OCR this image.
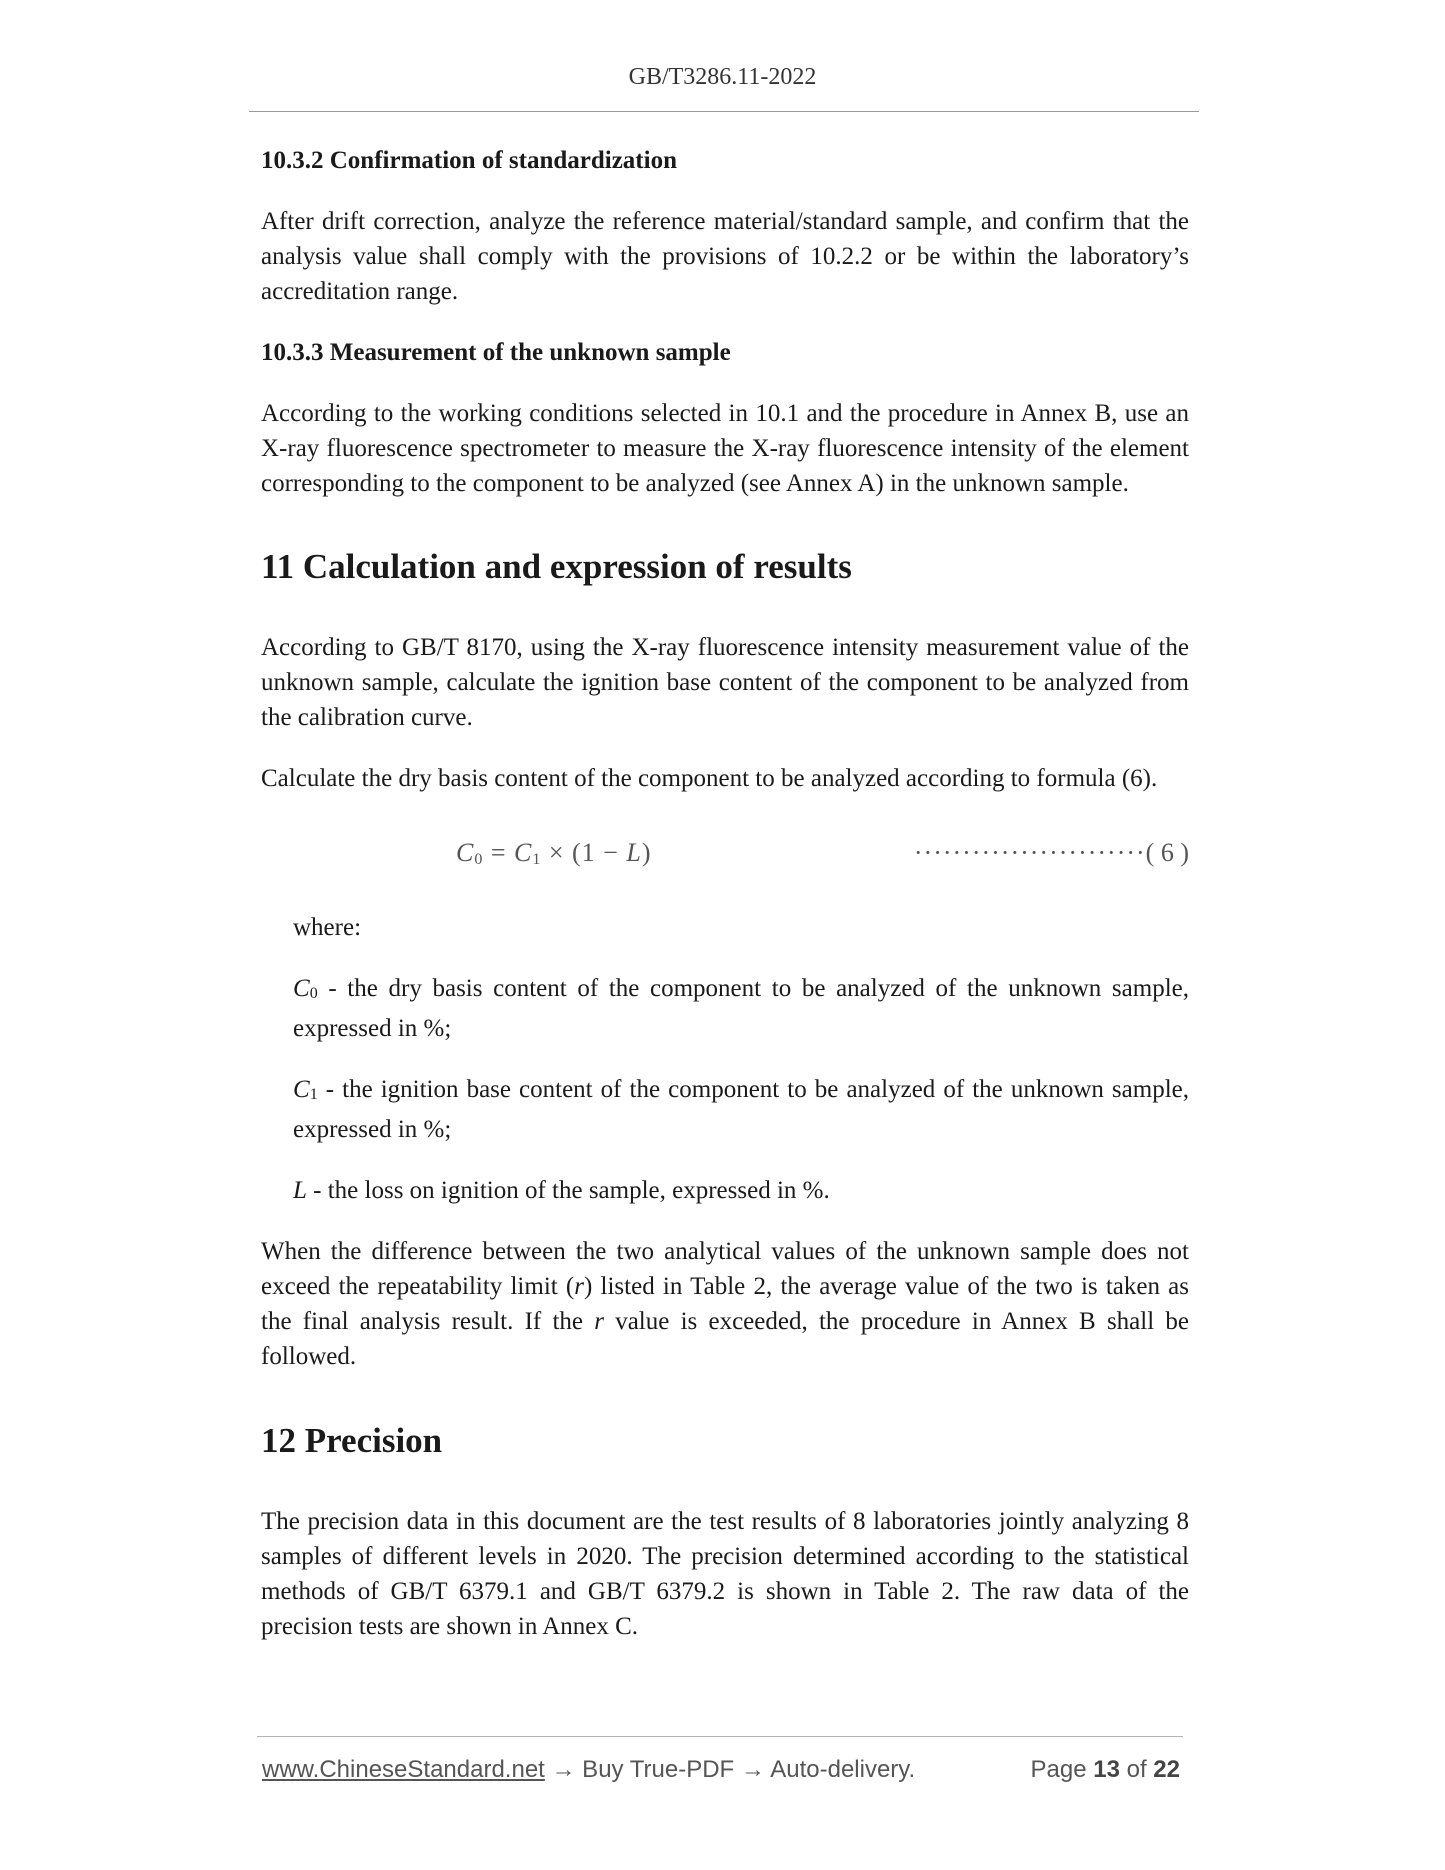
GB/T3286.11-2022
10.3.2 Confirmation of standardization

After drift correction, analyze the reference material/standard sample, and confirm that the analysis value shall comply with the provisions of 10.2.2 or be within the laboratory’s accreditation range.

10.3.3 Measurement of the unknown sample

According to the working conditions selected in 10.1 and the procedure in Annex B, use an X-ray fluorescence spectrometer to measure the X-ray fluorescence intensity of the element corresponding to the component to be analyzed (see Annex A) in the unknown sample.

11 Calculation and expression of results

According to GB/T 8170, using the X-ray fluorescence intensity measurement value of the unknown sample, calculate the ignition base content of the component to be analyzed from the calibration curve.

Calculate the dry basis content of the component to be analyzed according to formula (6).

$C_0 = C_1 \times (1 - L)$	························( 6 )

where:

$C_0$ - the dry basis content of the component to be analyzed of the unknown sample, expressed in %;

$C_1$ - the ignition base content of the component to be analyzed of the unknown sample, expressed in %;

L - the loss on ignition of the sample, expressed in %.

When the difference between the two analytical values of the unknown sample does not exceed the repeatability limit (r) listed in Table 2, the average value of the two is taken as the final analysis result. If the r value is exceeded, the procedure in Annex B shall be followed.

12 Precision

The precision data in this document are the test results of 8 laboratories jointly analyzing 8 samples of different levels in 2020. The precision determined according to the statistical methods of GB/T 6379.1 and GB/T 6379.2 is shown in Table 2. The raw data of the precision tests are shown in Annex C.

www.ChineseStandard.net → Buy True-PDF → Auto-delivery.	Page 13 of 22
